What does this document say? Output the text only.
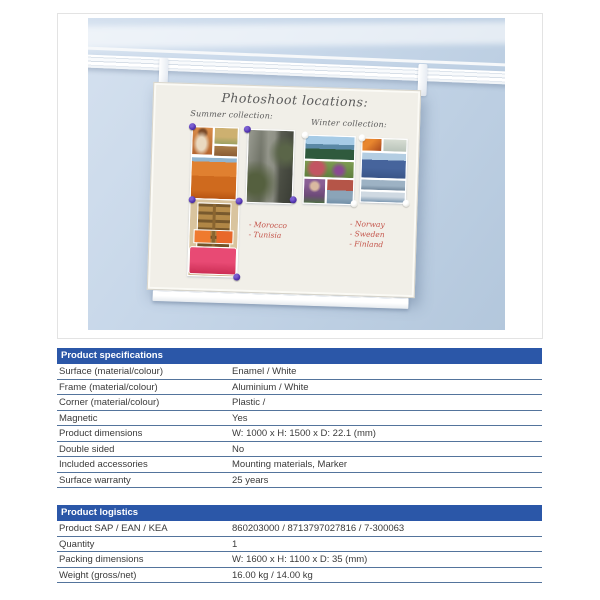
Photoshoot locations:
Summer collection:
Winter collection:
- Morocco
- Tunisia
- Norway
- Sweden
- Finland
Product specifications
Surface (material/colour)	Enamel / White
Frame (material/colour)	Aluminium / White
Corner (material/colour)	Plastic /
Magnetic	Yes
Product dimensions	W: 1000 x H: 1500 x D: 22.1 (mm)
Double sided	No
Included accessories	Mounting materials, Marker
Surface warranty	25 years
Product logistics
Product SAP / EAN / KEA	860203000 / 8713797027816 / 7-300063
Quantity	1
Packing dimensions	W: 1600 x H: 1100 x D: 35 (mm)
Weight (gross/net)	16.00 kg / 14.00 kg
